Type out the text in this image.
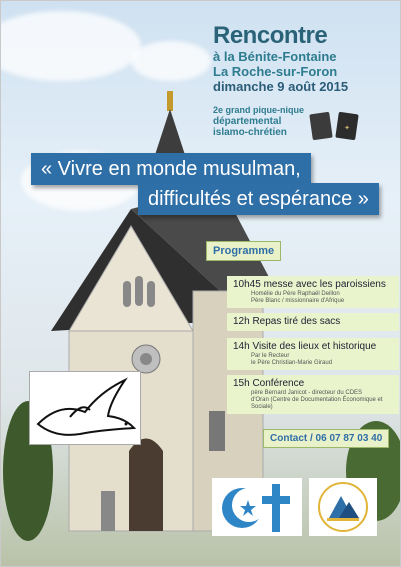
Rencontre
à la Bénite-Fontaine
La Roche-sur-Foron
dimanche 9 août 2015
2e grand pique-nique
départemental
islamo-chrétien	✦
« Vivre en monde musulman,
difficultés et espérance »
Programme
10h45 messe avec les paroissiens
Homélie du Père Raphaël Deillon
Père Blanc / missionnaire d'Afrique
12h Repas tiré des sacs
14h Visite des lieux et historique
Par le Recteur
le Père Christian-Marie Giraud
15h Conférence
père Bernard Janicot - directeur du CDES
d'Oran (Centre de Documentation Économique et Sociale)
Contact / 06 07 87 03 40
